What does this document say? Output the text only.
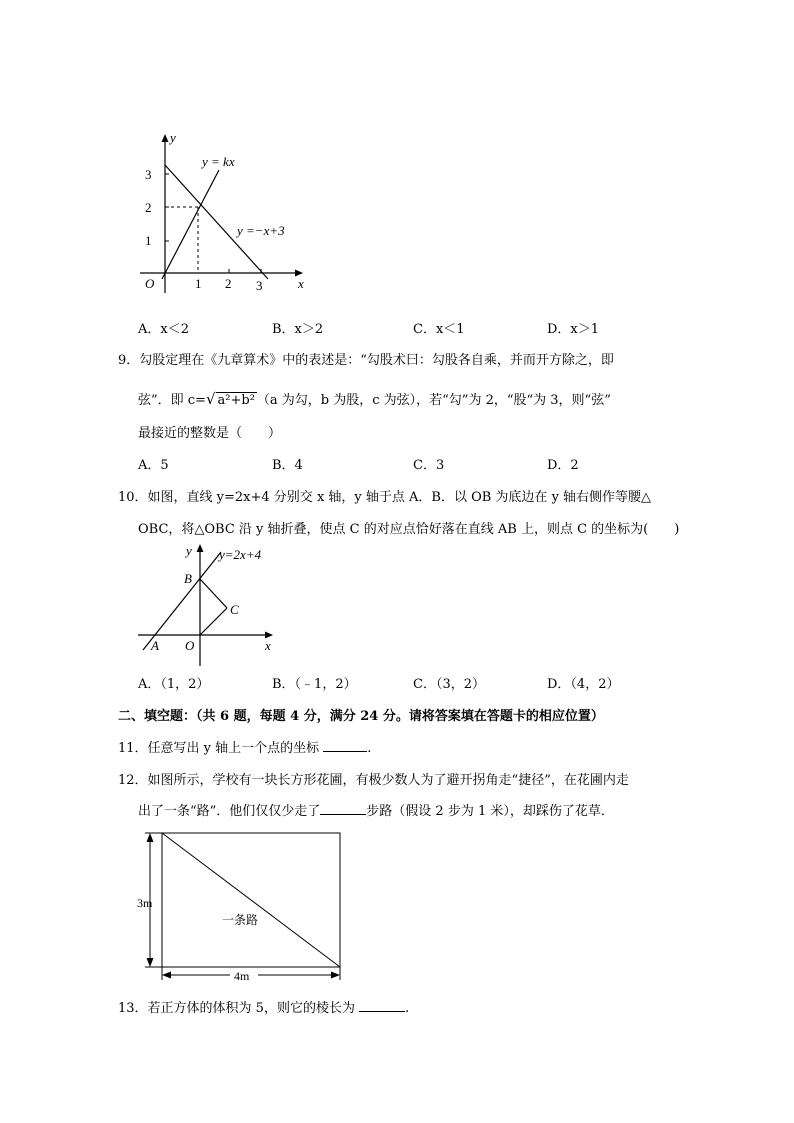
y
x
O
3
2
1
1 2 3
y = kx
y =−x+3
A．x＜2	B．x＞2	C．x＜1	D．x＞1
9．勾股定理在《九章算术》中的表述是：“勾股术曰：勾股各自乘，并而开方除之，即
弦”．即 c=√ a²+b² （a 为勾，b 为股，c 为弦），若“勾”为 2，“股“为 3，则“弦”
最接近的整数是（　　）
A．5	B．4	C．3	D．2
10．如图，直线 y=2x+4 分别交 x 轴，y 轴于点 A．B．以 OB 为底边在 y 轴右侧作等腰△
OBC，将△OBC 沿 y 轴折叠，使点 C 的对应点恰好落在直线 AB 上，则点 C 的坐标为(　　)
y y=2x+4
B
C
A O	x
A．（1，2）	B．（﹣1，2）	C．（3，2）	D．（4，2）
二、填空题：（共 6 题，每题 4 分，满分 24 分。请将答案填在答题卡的相应位置）
11．任意写出 y 轴上一个点的坐标	.
12．如图所示，学校有一块长方形花圃，有极少数人为了避开拐角走“捷径”，在花圃内走
出了一条“路”．他们仅仅少走了	步路（假设 2 步为 1 米），却踩伤了花草．
3m
4m
一条路
13．若正方体的体积为 5，则它的棱长为	.
